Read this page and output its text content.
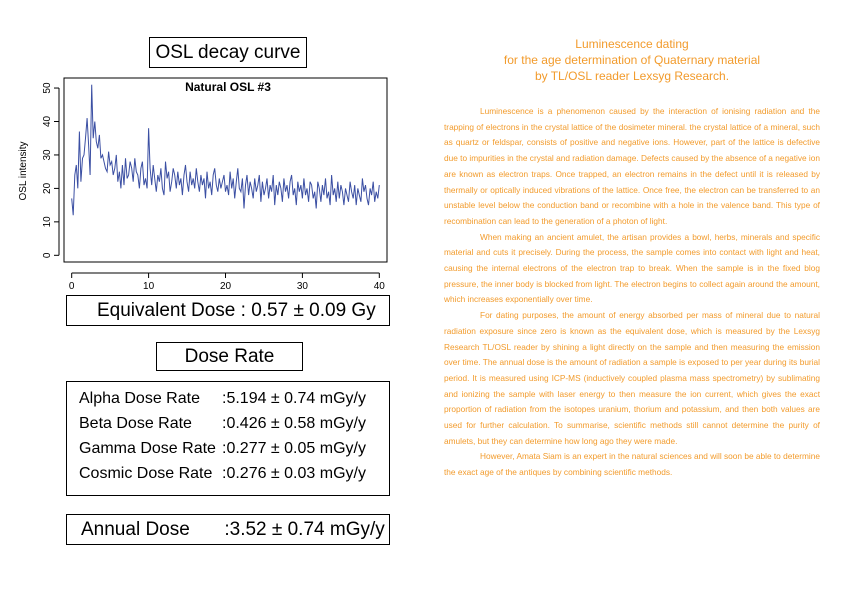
OSL decay curve
0
10
20
30
40
50
0	10	20	30	40
Natural OSL #3
OSL intensity
Equivalent Dose : 0.57 ± 0.09 Gy
Dose Rate
Alpha Dose Rate :5.194 ± 0.74 mGy/y
Beta Dose Rate :0.426 ± 0.58 mGy/y
Gamma Dose Rate :0.277 ± 0.05 mGy/y
Cosmic Dose Rate :0.276 ± 0.03 mGy/y
Annual Dose :3.52 ± 0.74 mGy/y
Luminescence dating
for the age determination of Quaternary material
by TL/OSL reader Lexsyg Research.

Luminescence is a phenomenon caused by the interaction of ionising radiation and the trapping of electrons in the crystal lattice of the dosimeter mineral. the crystal lattice of a mineral, such as quartz or feldspar, consists of positive and negative ions. However, part of the lattice is defective due to impurities in the crystal and radiation damage. Defects caused by the absence of a negative ion are known as electron traps. Once trapped, an electron remains in the defect until it is released by thermally or optically induced vibrations of the lattice. Once free, the electron can be transferred to an unstable level below the conduction band or recombine with a hole in the valence band. This type of recombination can lead to the generation of a photon of light.

When making an ancient amulet, the artisan provides a bowl, herbs, minerals and specific material and cuts it precisely. During the process, the sample comes into contact with light and heat, causing the internal electrons of the electron trap to break. When the sample is in the fixed blog pressure, the inner body is blocked from light. The electron begins to collect again around the amount, which increases exponentially over time.

For dating purposes, the amount of energy absorbed per mass of mineral due to natural radiation exposure since zero is known as the equivalent dose, which is measured by the Lexsyg Research TL/OSL reader by shining a light directly on the sample and then measuring the emission over time. The annual dose is the amount of radiation a sample is exposed to per year during its burial period. It is measured using ICP-MS (inductively coupled plasma mass spectrometry) by sublimating and ionizing the sample with laser energy to then measure the ion current, which gives the exact proportion of radiation from the isotopes uranium, thorium and potassium, and then both values are used for further calculation. To summarise, scientific methods still cannot determine the purity of amulets, but they can determine how long ago they were made.

However, Amata Siam is an expert in the natural sciences and will soon be able to determine the exact age of the antiques by combining scientific methods.
